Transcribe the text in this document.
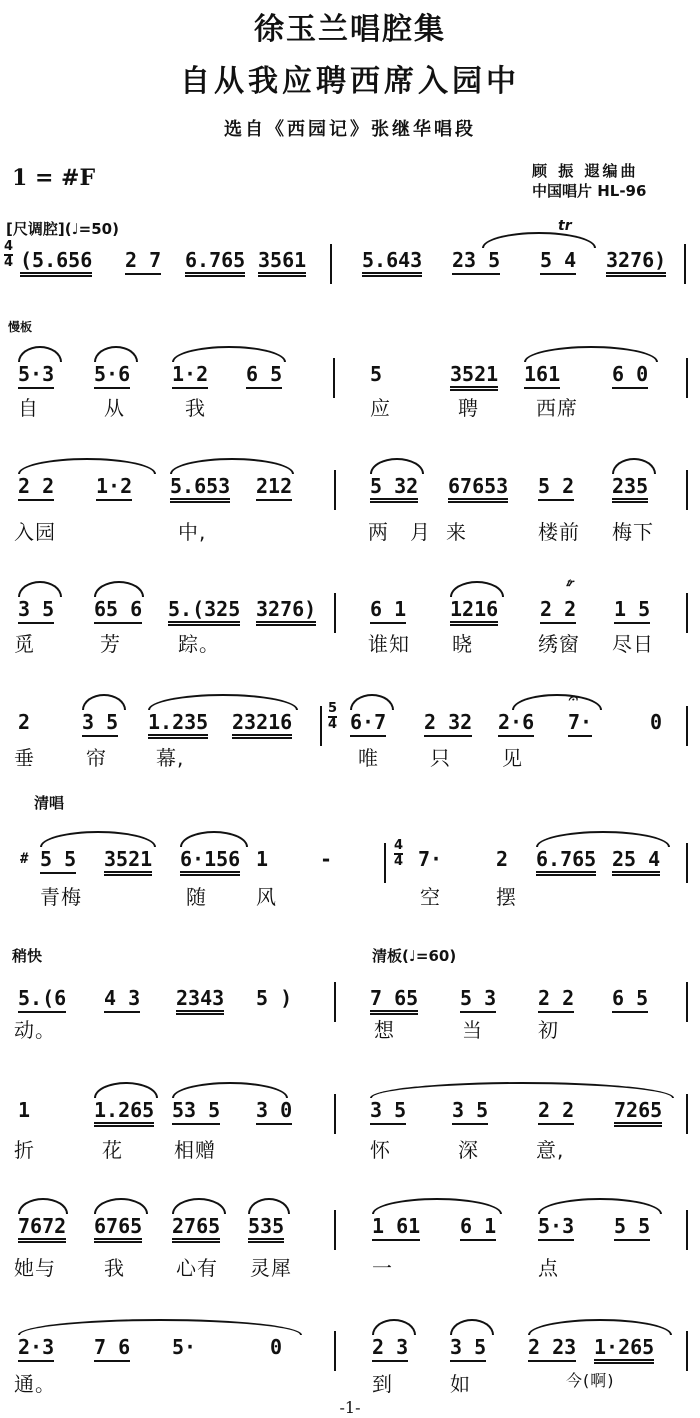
徐玉兰唱腔集
自从我应聘西席入园中
选自《西园记》张继华唱段
1 = #F	顾 振 遐编曲
中国唱片 HL-96
[尺调腔](♩=50)	tr
4
4 (5.656 2 7 6.765 3561	5.643 23 5 5 4 3276)
慢板
5·3 5·6 1·2 6 5	5	3521 161	6 0
自	从	我	应	聘	西席
2 2 1·2 5.653 212	5 32 67653 5 2 235
入园	中,	两 月 来	楼前 梅下
3 5 65 6 5.(325 3276)	6 1 1216
𝆖
2 2 1 5
觅	芳	踪。	谁知 晓	绣窗 尽日
2	3 5 1.235 23216
5
4 6·7 2 32 2·6
𝄐
7·	0
垂	帘 幕,	唯	只	见
清唱
# 5 5 3521 6·156 1	-
4
4 7·	2 6.765 25 4
青梅	随 风	空	摆
稍快	清板(♩=60)
5.(6 4 3 2343 5 )	7 65 5 3 2 2 6 5
动。	想	当	初
1	1.265 53 5 3 0	3 5 3 5 2 2 7265
折	花	相赠	怀	深	意,
7672 6765 2765 535	1 61 6 1 5·3 5 5
她与 我	心有 灵犀	一	点
2·3 7 6 5·	0	2 3 3 5 2 23 1·265
通。	到	如	今(啊)
-1-
